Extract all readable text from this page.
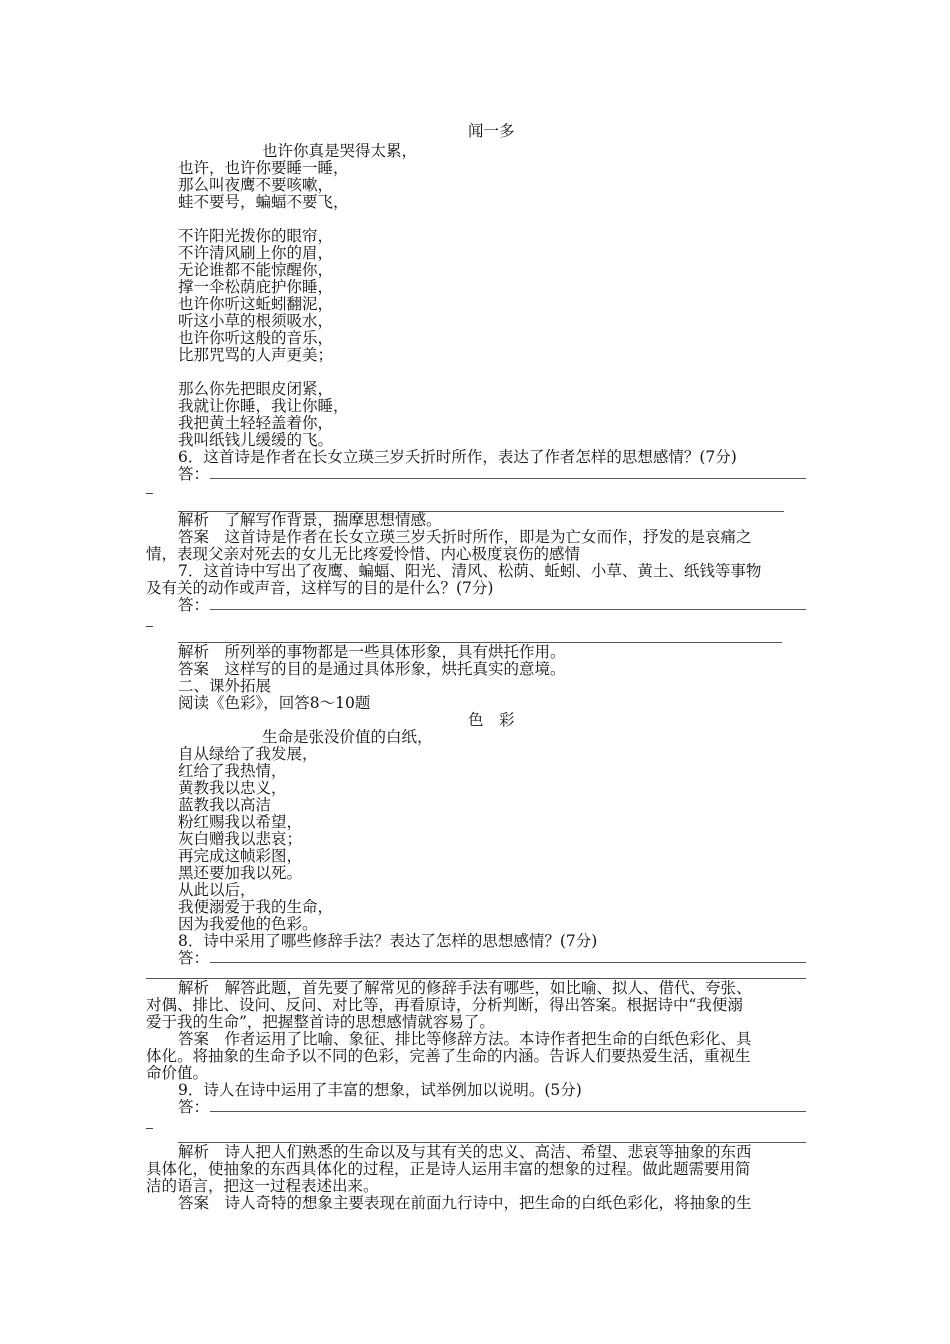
闻一多
也许你真是哭得太累，
也许，也许你要睡一睡，
那么叫夜鹰不要咳嗽，
蛙不要号，蝙蝠不要飞，
不许阳光拨你的眼帘，
不许清风刷上你的眉，
无论谁都不能惊醒你，
撑一伞松荫庇护你睡，
也许你听这蚯蚓翻泥，
听这小草的根须吸水，
也许你听这般的音乐，
比那咒骂的人声更美；
那么你先把眼皮闭紧，
我就让你睡，我让你睡，
我把黄土轻轻盖着你，
我叫纸钱儿缓缓的飞。
6．这首诗是作者在长女立瑛三岁夭折时所作，表达了作者怎样的思想感情？(7分)
答：
解析　了解写作背景，揣摩思想情感。
答案　这首诗是作者在长女立瑛三岁夭折时所作，即是为亡女而作，抒发的是哀痛之
情，表现父亲对死去的女儿无比疼爱怜惜、内心极度哀伤的感情
7．这首诗中写出了夜鹰、蝙蝠、阳光、清风、松荫、蚯蚓、小草、黄土、纸钱等事物
及有关的动作或声音，这样写的目的是什么？(7分)
答：
解析　所列举的事物都是一些具体形象，具有烘托作用。
答案　这样写的目的是通过具体形象，烘托真实的意境。
二、课外拓展
阅读《色彩》，回答8～10题
色　彩
生命是张没价值的白纸，
自从绿给了我发展，
红给了我热情，
黄教我以忠义，
蓝教我以高洁
粉红赐我以希望，
灰白赠我以悲哀；
再完成这帧彩图，
黑还要加我以死。
从此以后，
我便溺爱于我的生命，
因为我爱他的色彩。
8．诗中采用了哪些修辞手法？表达了怎样的思想感情？(7分)
答：
解析　解答此题，首先要了解常见的修辞手法有哪些，如比喻、拟人、借代、夸张、
对偶、排比、设问、反问、对比等，再看原诗，分析判断，得出答案。根据诗中“我便溺
爱于我的生命”，把握整首诗的思想感情就容易了。
答案　作者运用了比喻、象征、排比等修辞方法。本诗作者把生命的白纸色彩化、具
体化。将抽象的生命予以不同的色彩，完善了生命的内涵。告诉人们要热爱生活，重视生
命价值。
9．诗人在诗中运用了丰富的想象，试举例加以说明。(5分)
答：
解析　诗人把人们熟悉的生命以及与其有关的忠义、高洁、希望、悲哀等抽象的东西
具体化，使抽象的东西具体化的过程，正是诗人运用丰富的想象的过程。做此题需要用简
洁的语言，把这一过程表述出来。
答案　诗人奇特的想象主要表现在前面九行诗中，把生命的白纸色彩化，将抽象的生
